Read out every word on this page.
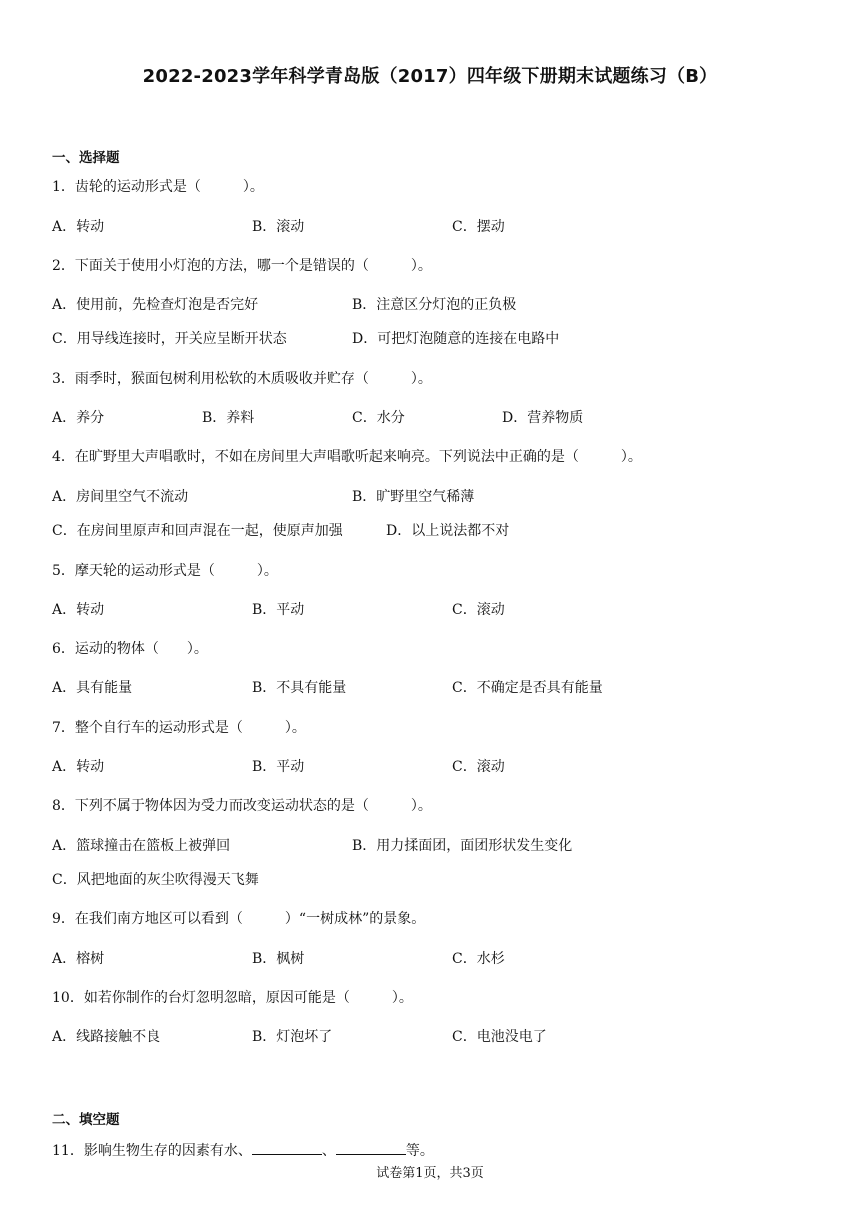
2022-2023学年科学青岛版（2017）四年级下册期末试题练习（B）
一、选择题
1．齿轮的运动形式是（　　　）。
A．转动	B．滚动	C．摆动
2．下面关于使用小灯泡的方法，哪一个是错误的（　　　）。
A．使用前，先检查灯泡是否完好	B．注意区分灯泡的正负极
C．用导线连接时，开关应呈断开状态	D．可把灯泡随意的连接在电路中
3．雨季时，猴面包树利用松软的木质吸收并贮存（　　　）。
A．养分	B．养料	C．水分	D．营养物质
4．在旷野里大声唱歌时，不如在房间里大声唱歌听起来响亮。下列说法中正确的是（　　　）。
A．房间里空气不流动	B．旷野里空气稀薄
C．在房间里原声和回声混在一起，使原声加强	D．以上说法都不对
5．摩天轮的运动形式是（　　　）。
A．转动	B．平动	C．滚动
6．运动的物体（　　）。
A．具有能量	B．不具有能量	C．不确定是否具有能量
7．整个自行车的运动形式是（　　　）。
A．转动	B．平动	C．滚动
8．下列不属于物体因为受力而改变运动状态的是（　　　）。
A．篮球撞击在篮板上被弹回	B．用力揉面团，面团形状发生变化
C．风把地面的灰尘吹得漫天飞舞
9．在我们南方地区可以看到（　　　）“一树成林”的景象。
A．榕树	B．枫树	C．水杉
10．如若你制作的台灯忽明忽暗，原因可能是（　　　）。
A．线路接触不良	B．灯泡坏了	C．电池没电了
二、填空题
11．影响生物生存的因素有水、	、	等。
试卷第1页，共3页
